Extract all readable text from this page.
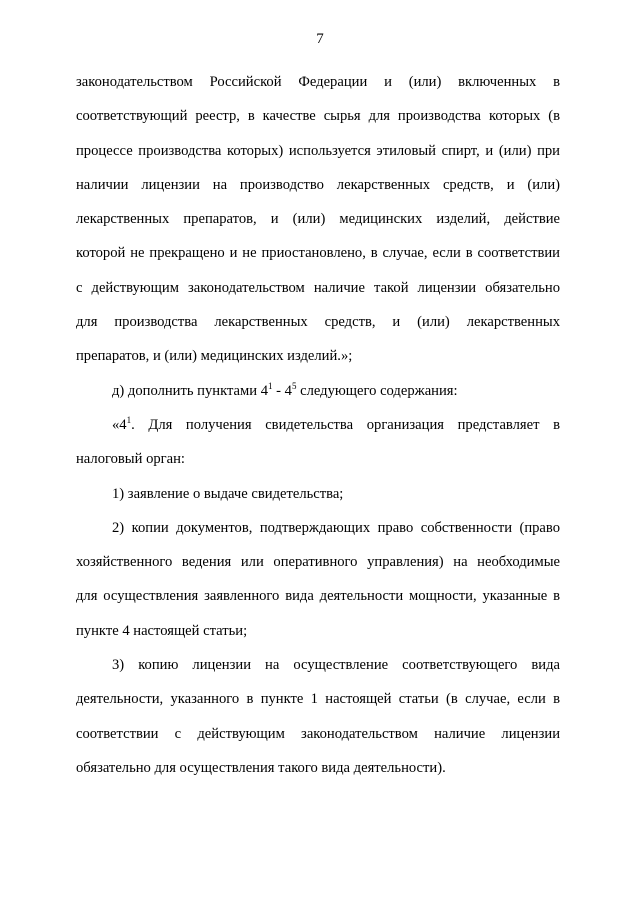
7
законодательством Российской Федерации и (или) включенных в
соответствующий реестр, в качестве сырья для производства которых (в
процессе производства которых) используется этиловый спирт, и (или) при
наличии лицензии на производство лекарственных средств, и (или)
лекарственных препаратов, и (или) медицинских изделий, действие
которой не прекращено и не приостановлено, в случае, если в соответствии
с действующим законодательством наличие такой лицензии обязательно
для производства лекарственных средств, и (или) лекарственных
препаратов, и (или) медицинских изделий.»;
д) дополнить пунктами $4^1 - 4^5$ следующего содержания:
«$4^1$. Для получения свидетельства организация представляет в
налоговый орган:
1) заявление о выдаче свидетельства;
2) копии документов, подтверждающих право собственности (право
хозяйственного ведения или оперативного управления) на необходимые
для осуществления заявленного вида деятельности мощности, указанные в
пункте 4 настоящей статьи;
3) копию лицензии на осуществление соответствующего вида
деятельности, указанного в пункте 1 настоящей статьи (в случае, если в
соответствии с действующим законодательством наличие лицензии
обязательно для осуществления такого вида деятельности).
